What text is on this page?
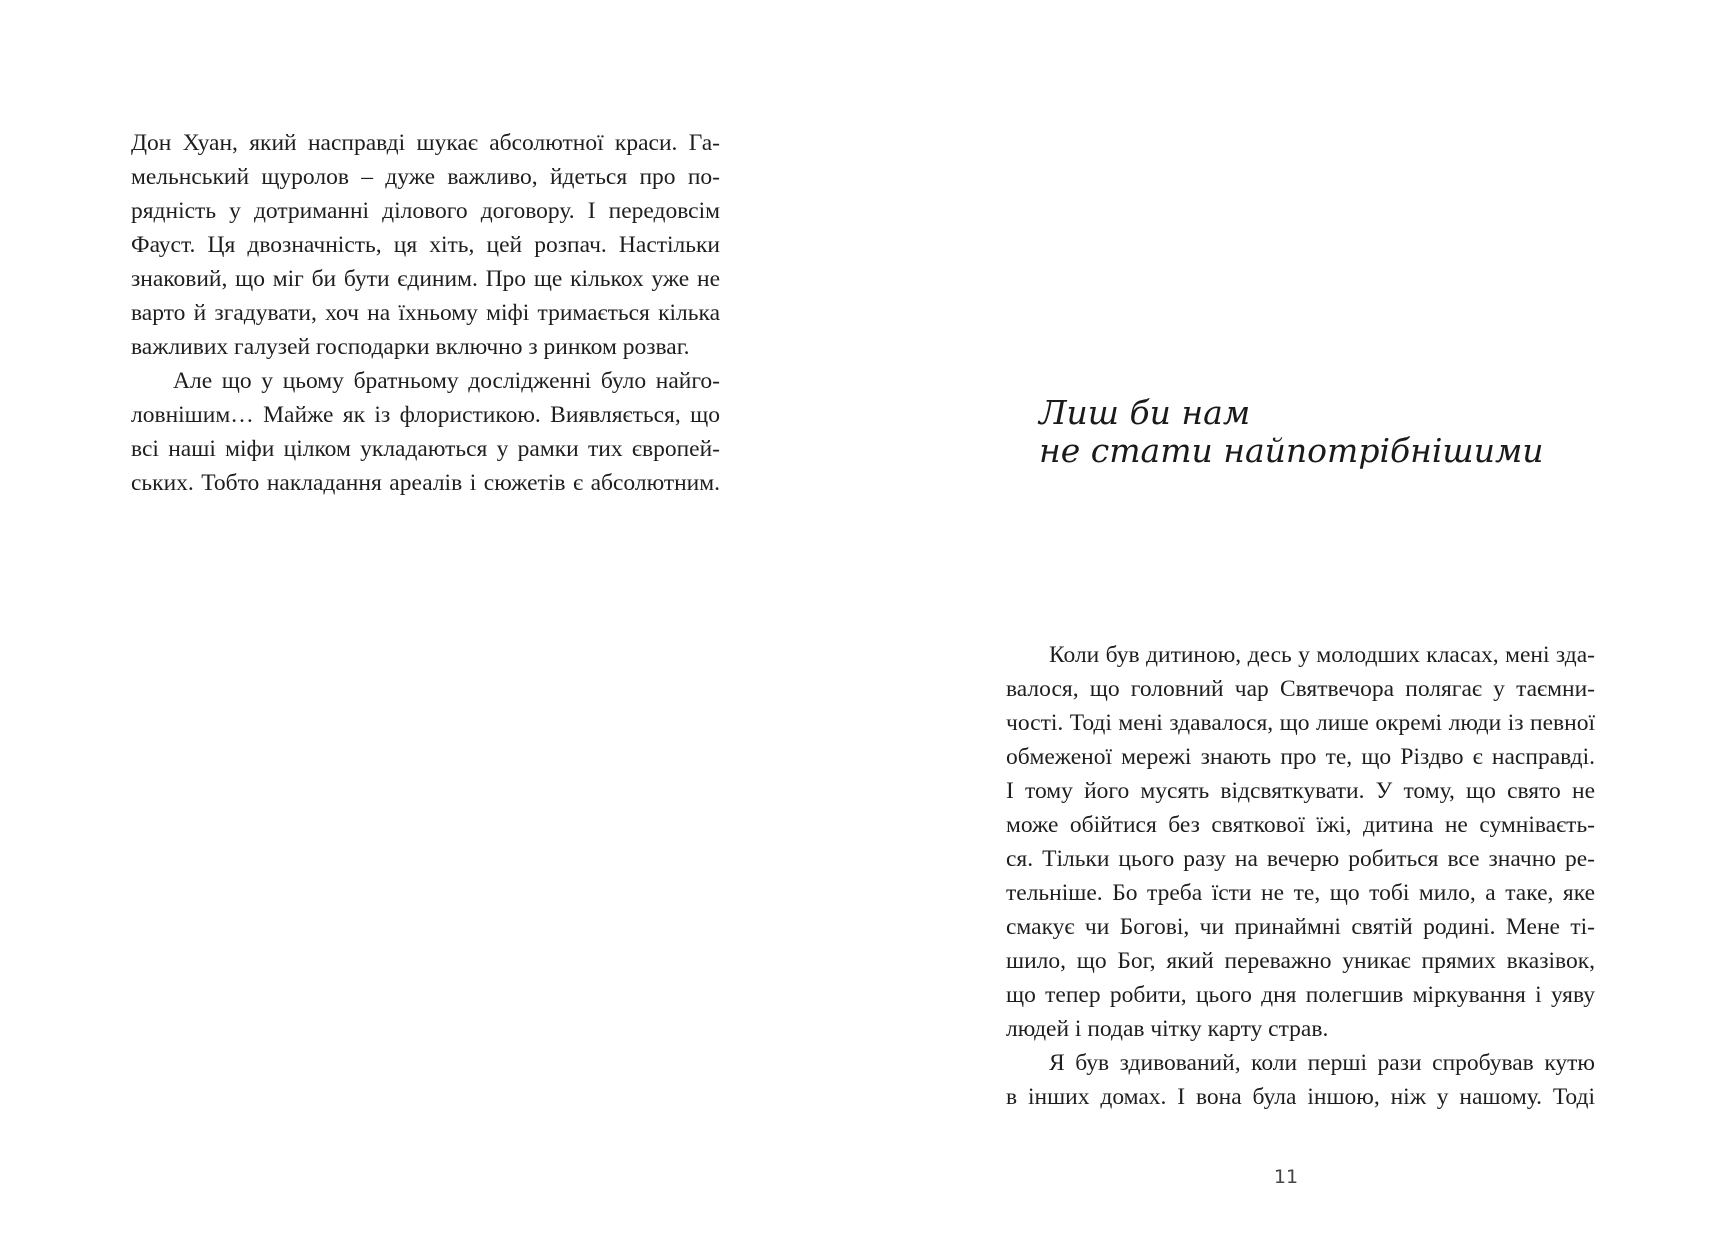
Дон Хуан, який насправді шукає абсолютної краси. Га-
мельнський щуролов – дуже важливо, йдеться про по-
рядність у дотриманні ділового договору. І передовсім
Фауст. Ця двозначність, ця хіть, цей розпач. Настільки
знаковий, що міг би бути єдиним. Про ще кількох уже не
варто й згадувати, хоч на їхньому міфі тримається кілька
важливих галузей господарки включно з ринком розваг.
Але що у цьому братньому дослідженні було найго-
ловнішим… Майже як із флористикою. Виявляється, що
всі наші міфи цілком укладаються у рамки тих європей-
ських. Тобто накладання ареалів і сюжетів є абсолютним.
Лиш би нам
не стати найпотрібнішими
Коли був дитиною, десь у молодших класах, мені зда-
валося, що головний чар Святвечора полягає у таємни-
чості. Тоді мені здавалося, що лише окремі люди із певної
обмеженої мережі знають про те, що Різдво є насправді.
І тому його мусять відсвяткувати. У тому, що свято не
може обійтися без святкової їжі, дитина не сумніваєть-
ся. Тільки цього разу на вечерю робиться все значно ре-
тельніше. Бо треба їсти не те, що тобі мило, а таке, яке
смакує чи Богові, чи принаймні святій родині. Мене ті-
шило, що Бог, який переважно уникає прямих вказівок,
що тепер робити, цього дня полегшив міркування і уяву
людей і подав чітку карту страв.
Я був здивований, коли перші рази спробував кутю
в інших домах. І вона була іншою, ніж у нашому. Тоді
11
